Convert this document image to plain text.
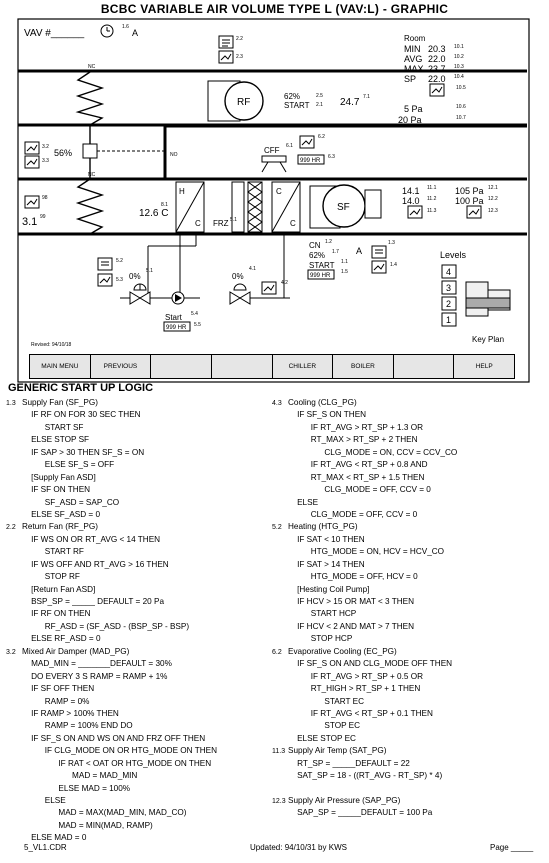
BCBC VARIABLE AIR VOLUME TYPE L (VAV:L) - GRAPHIC
NC
NC
NO
56%
3.2
3.3
98
3.1 99
VAV #______
1.6
A
2.2
2.3
RF
62%
START
2.5
2.1 24.7 7.1
Room
MIN 20.3 10.1
AVG 22.0 10.2
MAX 23.7 10.3
SP 22.0 10.4
10.5
5 Pa	10.6
20 Pa	10.7
CFF 6.1
6.2
999 HR
6.3
H
C FRZ 5.1
C
C
SF
12.6 C
8.1
14.1 11.1
14.0 11.2
11.3
105 Pa 12.1
100 Pa 12.2
12.3
CN 1.2
62% 1.7
START 1.1
999 HR
1.5
A
1.3
1.4
0%
5.1
5.2
5.3
Start 5.4
999 HR 5.5
0%
4.1
4.2
Levels
4
3
2
1
Key Plan
Revised: 94/10/18
MAIN MENU	PREVIOUS	CHILLER	BOILER	HELP
GENERIC START UP LOGIC
1.3 Supply Fan (SF_PG)
IF RF ON FOR 30 SEC THEN
START SF
ELSE STOP SF
IF SAP > 30 THEN SF_S = ON
ELSE SF_S = OFF
[Supply Fan ASD]
IF SF ON THEN
SF_ASD = SAP_CO
ELSE SF_ASD = 0
2.2 Return Fan (RF_PG)
IF WS ON OR RT_AVG < 14 THEN
START RF
IF WS OFF AND RT_AVG > 16 THEN
STOP RF
[Return Fan ASD]
BSP_SP = _____ DEFAULT = 20 Pa
IF RF ON THEN
RF_ASD = (SF_ASD - (BSP_SP - BSP)
ELSE RF_ASD = 0
3.2 Mixed Air Damper (MAD_PG)
MAD_MIN = _______DEFAULT = 30%
DO EVERY 3 S RAMP = RAMP + 1%
IF SF OFF THEN
RAMP = 0%
IF RAMP > 100% THEN
RAMP = 100% END DO
IF SF_S ON AND WS ON AND FRZ OFF THEN
IF CLG_MODE ON OR HTG_MODE ON THEN
IF RAT < OAT OR HTG_MODE ON THEN
MAD = MAD_MIN
ELSE MAD = 100%
ELSE
MAD = MAX(MAD_MIN, MAD_CO)
MAD = MIN(MAD, RAMP)
ELSE MAD = 0
4.3 Cooling (CLG_PG)
IF SF_S ON THEN
IF RT_AVG > RT_SP + 1.3 OR
RT_MAX > RT_SP + 2 THEN
CLG_MODE = ON, CCV = CCV_CO
IF RT_AVG < RT_SP + 0.8 AND
RT_MAX < RT_SP + 1.5 THEN
CLG_MODE = OFF, CCV = 0
ELSE
CLG_MODE = OFF, CCV = 0
5.2 Heating (HTG_PG)
IF SAT < 10 THEN
HTG_MODE = ON, HCV = HCV_CO
IF SAT > 14 THEN
HTG_MODE = OFF, HCV = 0
[Hesting Coil Pump]
IF HCV > 15 OR MAT < 3 THEN
START HCP
IF HCV < 2 AND MAT > 7 THEN
STOP HCP
6.2 Evaporative Cooling (EC_PG)
IF SF_S ON AND CLG_MODE OFF THEN
IF RT_AVG > RT_SP + 0.5 OR
RT_HIGH > RT_SP + 1 THEN
START EC
IF RT_AVG < RT_SP + 0.1 THEN
STOP EC
ELSE STOP EC
11.3 Supply Air Temp (SAT_PG)
RT_SP = _____DEFAULT = 22
SAT_SP = 18 - ((RT_AVG - RT_SP) * 4)
12.3 Supply Air Pressure (SAP_PG)
SAP_SP = _____DEFAULT = 100 Pa
5_VL1.CDR	Updated: 94/10/31 by KWS	Page _____
